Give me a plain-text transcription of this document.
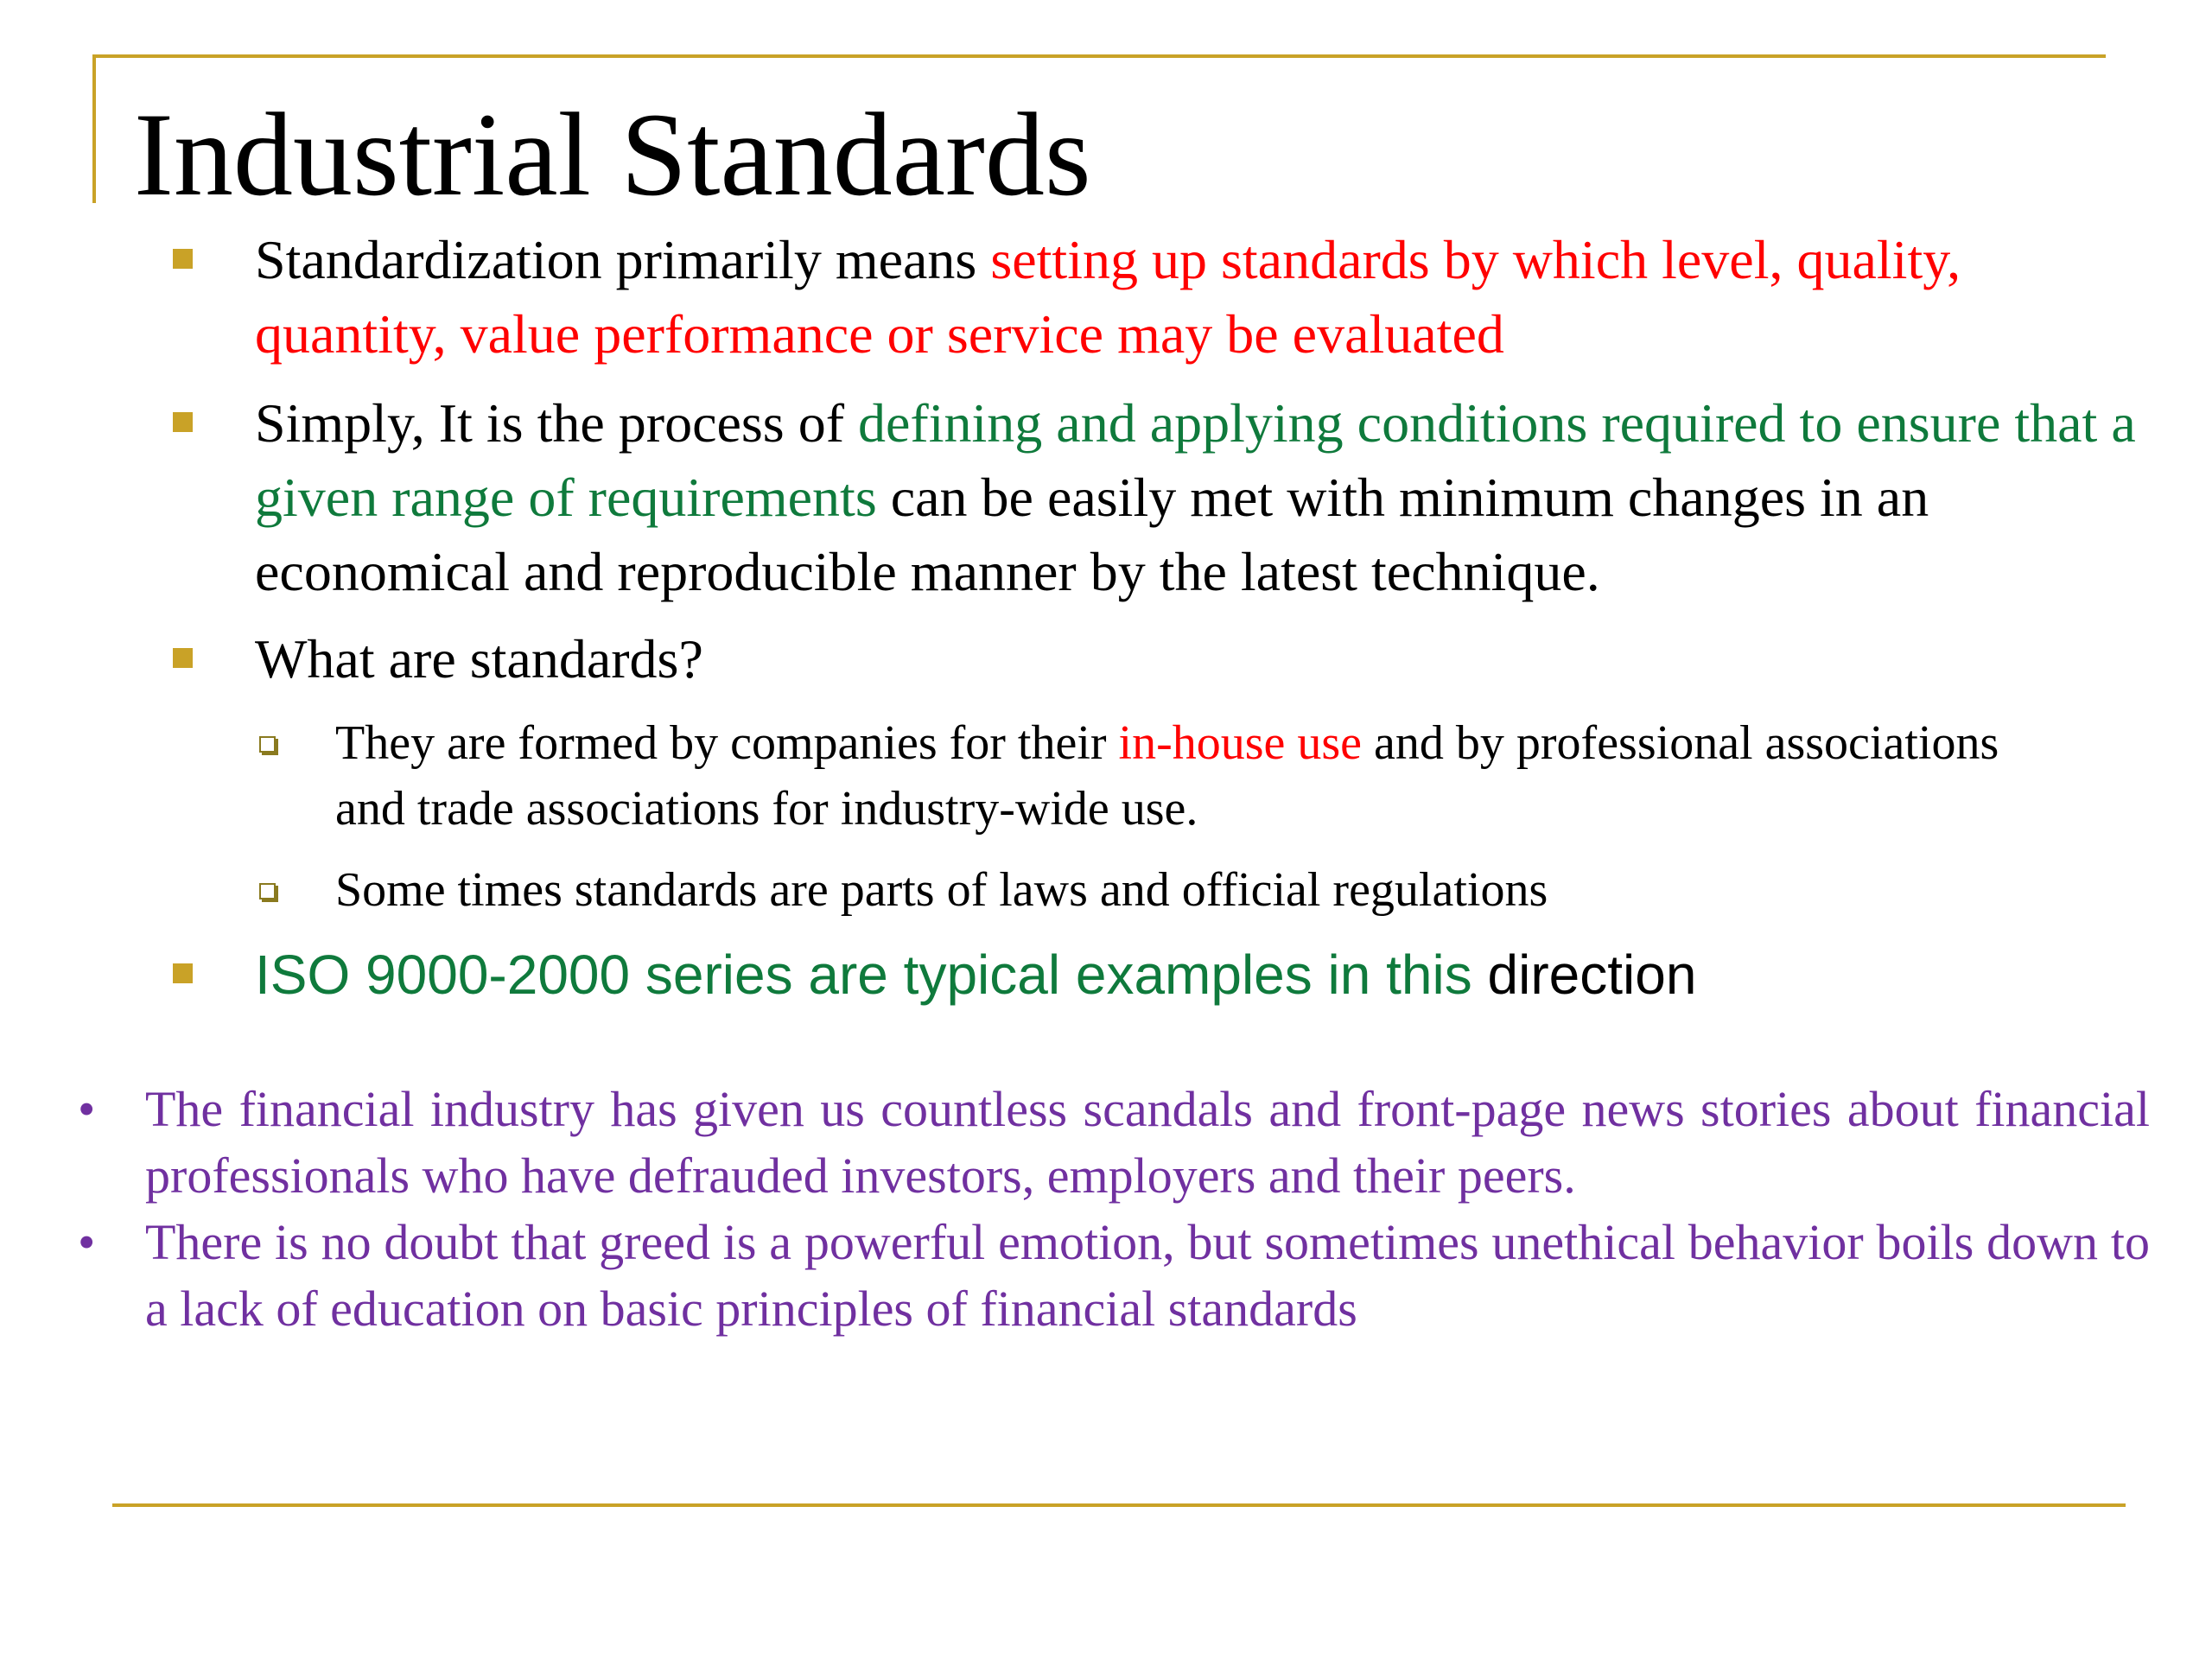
Industrial Standards
Standardization primarily means setting up standards by which level, quality, quantity, value performance or service may be evaluated
Simply, It is the process of defining and applying conditions required to ensure that a given range of requirements can be easily met with minimum changes in an economical and reproducible manner by the latest technique.
What are standards?
They are formed by companies for their in-house use and by professional associations and trade associations for industry-wide use.
Some times standards are parts of laws and official regulations
ISO 9000-2000 series are typical examples in this direction
• The financial industry has given us countless scandals and front-page news stories about financial professionals who have defrauded investors, employers and their peers.
• There is no doubt that greed is a powerful emotion, but sometimes unethical behavior boils down to a lack of education on basic principles of financial standards
